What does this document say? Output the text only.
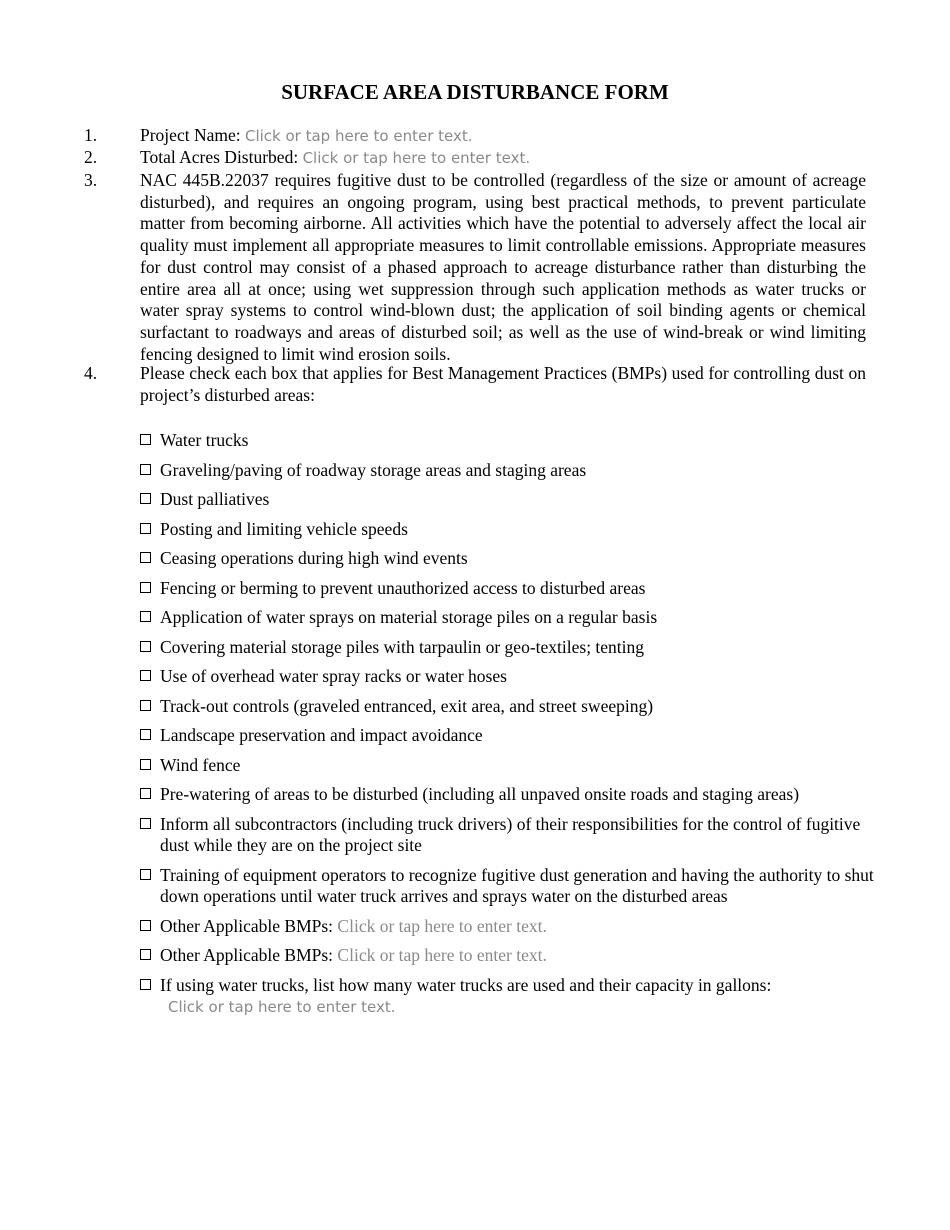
SURFACE AREA DISTURBANCE FORM
1.	Project Name: Click or tap here to enter text.
2.	Total Acres Disturbed: Click or tap here to enter text.
3.	NAC 445B.22037 requires fugitive dust to be controlled (regardless of the size or amount of acreage disturbed), and requires an ongoing program, using best practical methods, to prevent particulate matter from becoming airborne. All activities which have the potential to adversely affect the local air quality must implement all appropriate measures to limit controllable emissions. Appropriate measures for dust control may consist of a phased approach to acreage disturbance rather than disturbing the entire area all at once; using wet suppression through such application methods as water trucks or water spray systems to control wind-blown dust; the application of soil binding agents or chemical surfactant to roadways and areas of disturbed soil; as well as the use of wind-break or wind limiting fencing designed to limit wind erosion soils.
4.	Please check each box that applies for Best Management Practices (BMPs) used for controlling dust on project’s disturbed areas:
Water trucks
Graveling/paving of roadway storage areas and staging areas
Dust palliatives
Posting and limiting vehicle speeds
Ceasing operations during high wind events
Fencing or berming to prevent unauthorized access to disturbed areas
Application of water sprays on material storage piles on a regular basis
Covering material storage piles with tarpaulin or geo-textiles; tenting
Use of overhead water spray racks or water hoses
Track-out controls (graveled entranced, exit area, and street sweeping)
Landscape preservation and impact avoidance
Wind fence
Pre-watering of areas to be disturbed (including all unpaved onsite roads and staging areas)
Inform all subcontractors (including truck drivers) of their responsibilities for the control of fugitive dust while they are on the project site
Training of equipment operators to recognize fugitive dust generation and having the authority to shut down operations until water truck arrives and sprays water on the disturbed areas
Other Applicable BMPs: Click or tap here to enter text.
Other Applicable BMPs: Click or tap here to enter text.
If using water trucks, list how many water trucks are used and their capacity in gallons:
Click or tap here to enter text.
